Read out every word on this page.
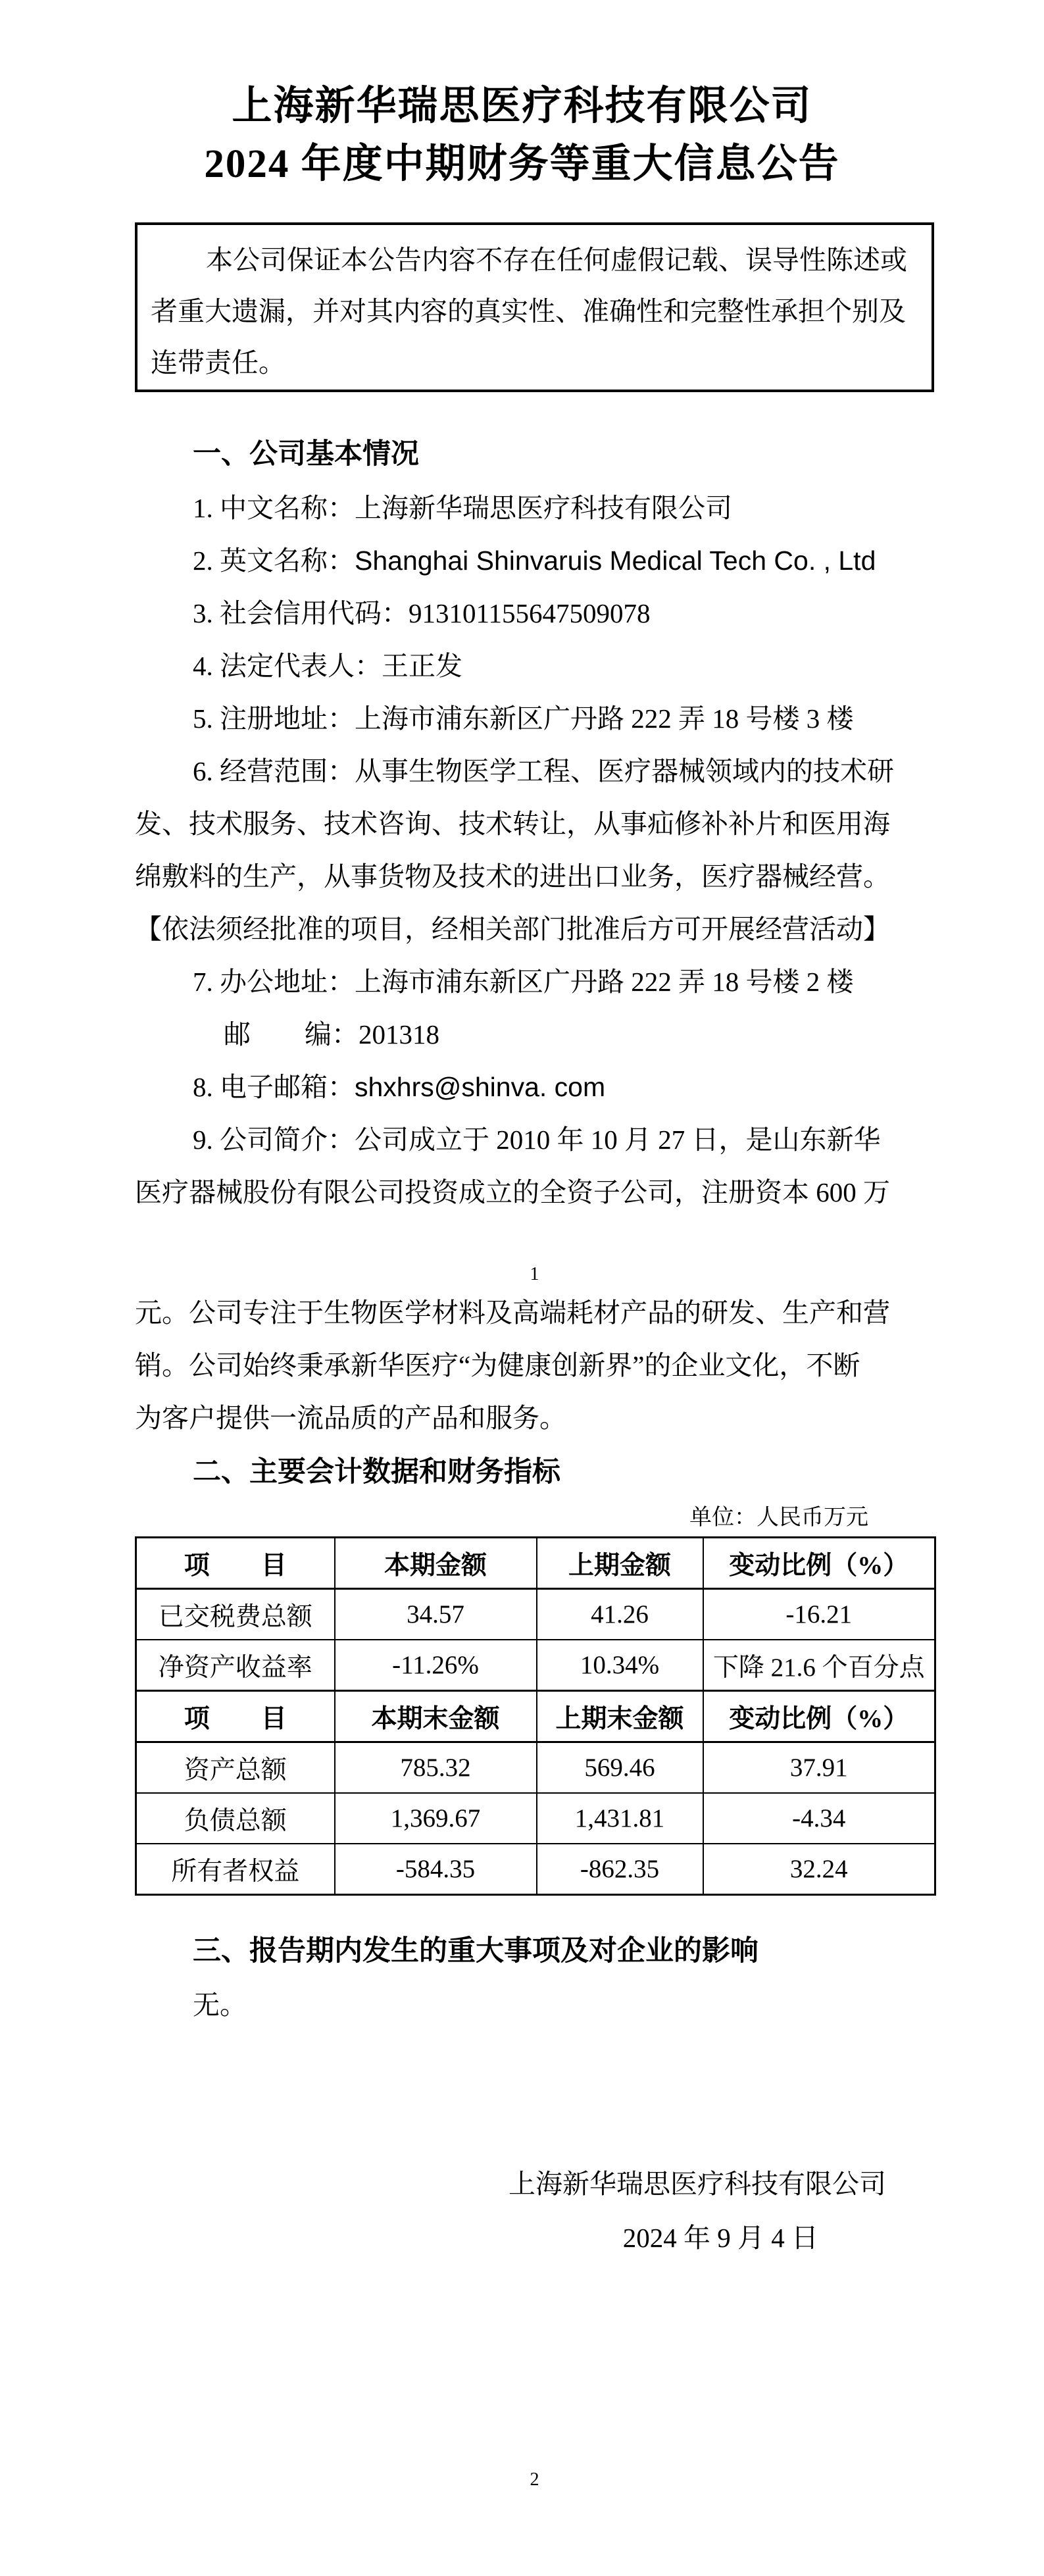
上海新华瑞思医疗科技有限公司
2024 年度中期财务等重大信息公告
本公司保证本公告内容不存在任何虚假记载、误导性陈述或
者重大遗漏，并对其内容的真实性、准确性和完整性承担个别及
连带责任。
一、公司基本情况
1. 中文名称：上海新华瑞思医疗科技有限公司
2. 英文名称：Shanghai Shinvaruis Medical Tech Co. , Ltd
3. 社会信用代码：913101155647509078
4. 法定代表人：王正发
5. 注册地址：上海市浦东新区广丹路 222 弄 18 号楼 3 楼
6. 经营范围：从事生物医学工程、医疗器械领域内的技术研
发、技术服务、技术咨询、技术转让，从事疝修补补片和医用海
绵敷料的生产，从事货物及技术的进出口业务，医疗器械经营。
【依法须经批准的项目，经相关部门批准后方可开展经营活动】
7. 办公地址：上海市浦东新区广丹路 222 弄 18 号楼 2 楼
邮　　编：201318
8. 电子邮箱：shxhrs@shinva. com
9. 公司简介：公司成立于 2010 年 10 月 27 日，是山东新华
医疗器械股份有限公司投资成立的全资子公司，注册资本 600 万
1
元。公司专注于生物医学材料及高端耗材产品的研发、生产和营
销。公司始终秉承新华医疗“为健康创新界”的企业文化，不断
为客户提供一流品质的产品和服务。
二、主要会计数据和财务指标
单位：人民币万元
项　　目	本期金额	上期金额	变动比例（%）
已交税费总额	34.57	41.26	-16.21
净资产收益率	-11.26%	10.34%	下降 21.6 个百分点
项　　目	本期末金额	上期末金额	变动比例（%）
资产总额	785.32	569.46	37.91
负债总额	1,369.67	1,431.81	-4.34
所有者权益	-584.35	-862.35	32.24
三、报告期内发生的重大事项及对企业的影响
无。
上海新华瑞思医疗科技有限公司
2024 年 9 月 4 日
2
